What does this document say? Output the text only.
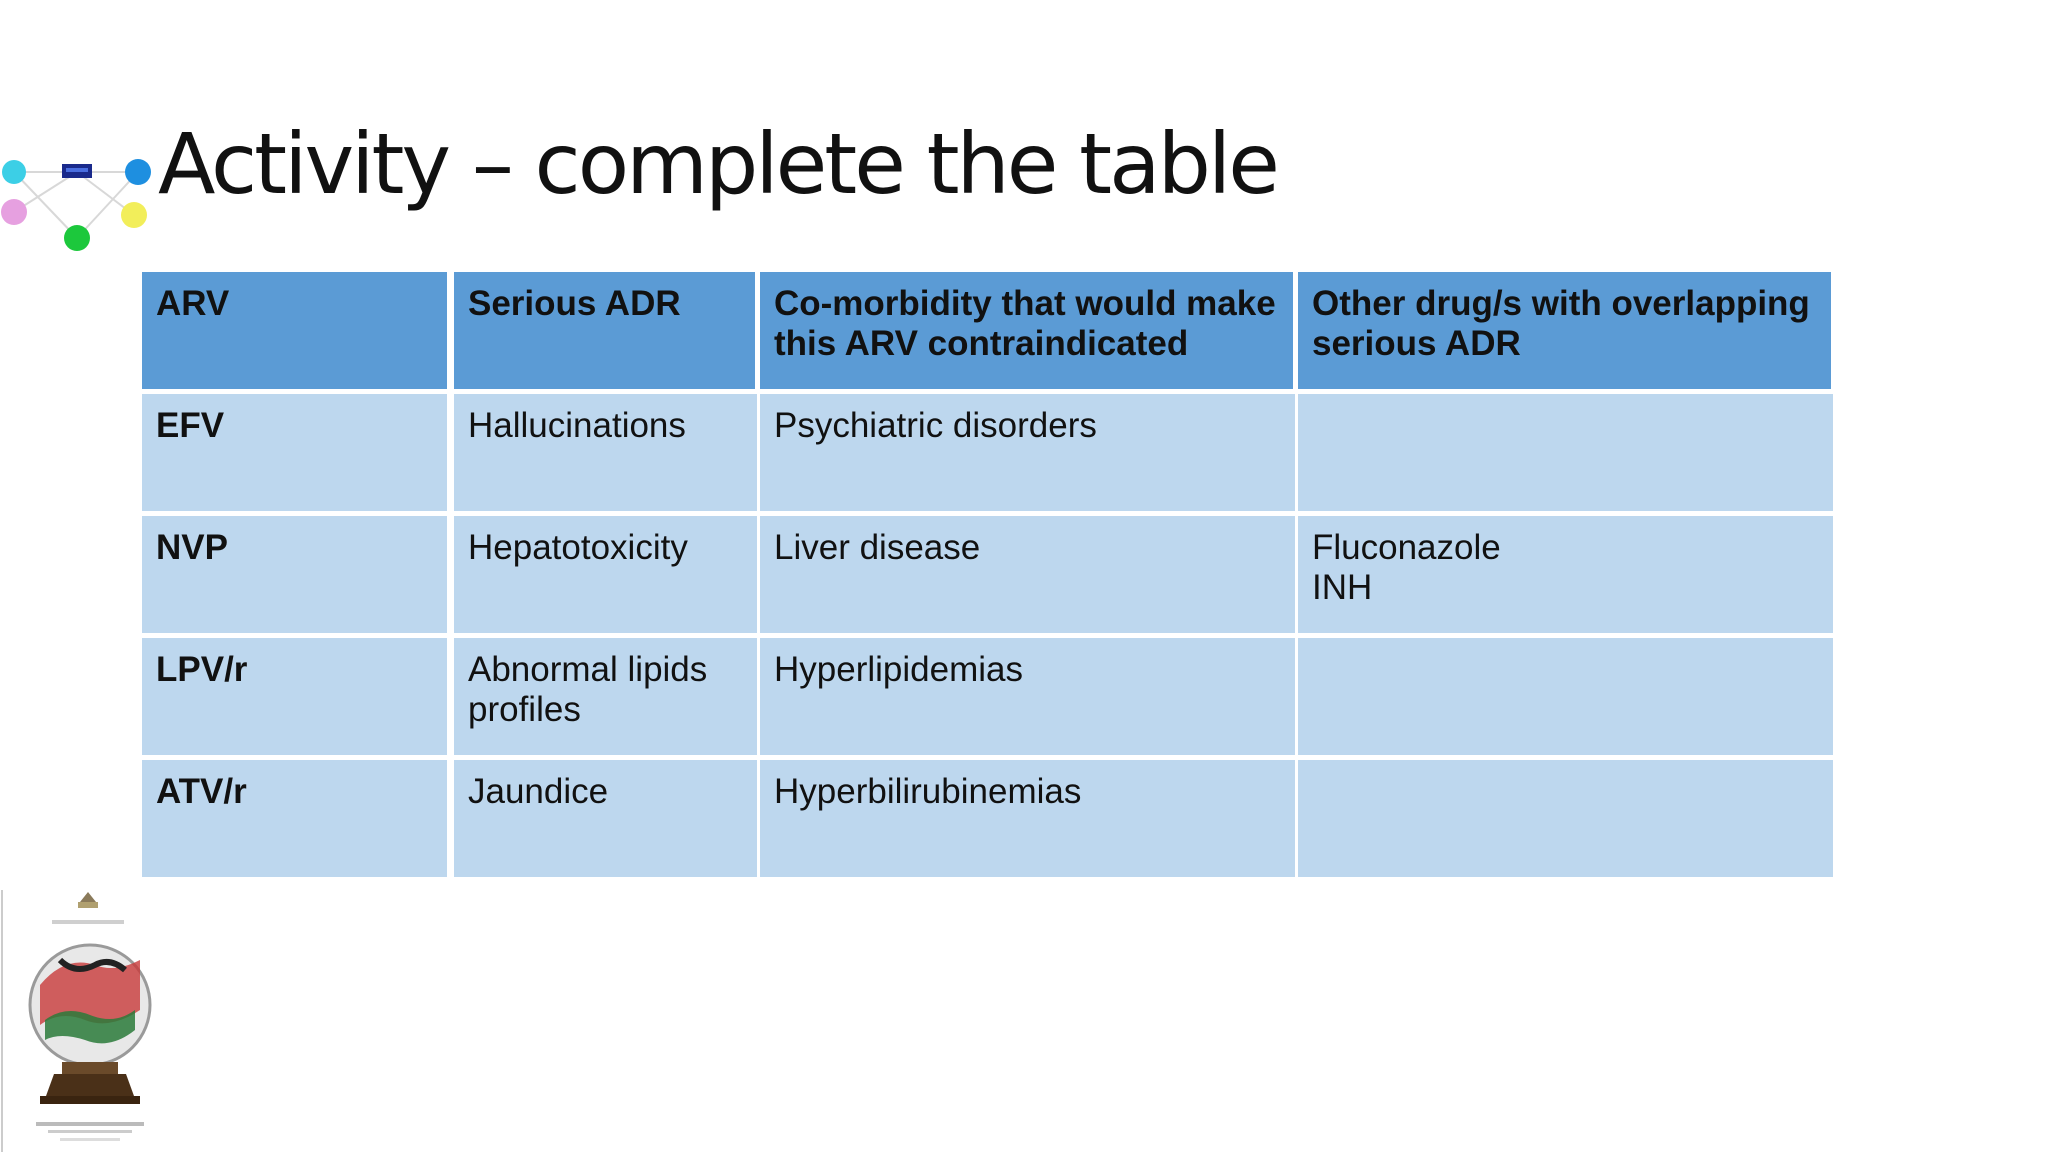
Activity – complete the table
ARV	Serious ADR	Co-morbidity that would make this ARV contraindicated	Other drug/s with overlapping serious ADR
EFV	Hallucinations	Psychiatric disorders	
NVP	Hepatotoxicity	Liver disease	Fluconazole
INH
LPV/r	Abnormal lipids profiles	Hyperlipidemias	
ATV/r	Jaundice	Hyperbilirubinemias	
